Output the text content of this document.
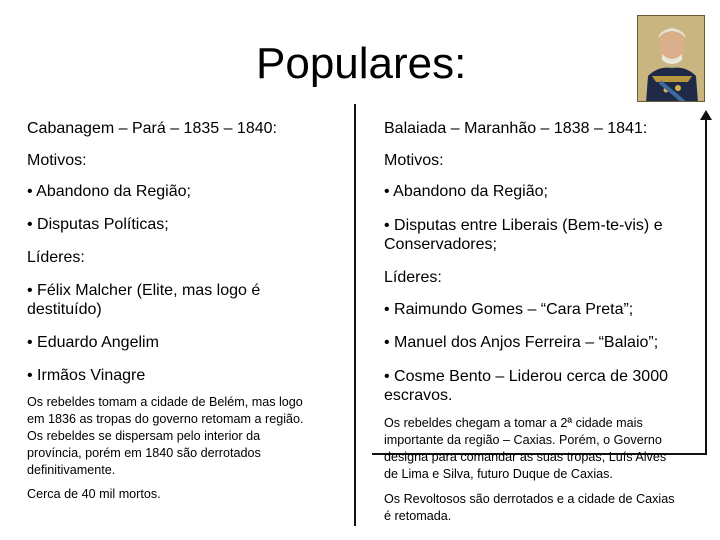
Populares:
Cabanagem – Pará – 1835 – 1840:
Motivos:
• Abandono da Região;
• Disputas Políticas;
Líderes:
• Félix Malcher (Elite, mas logo é
destituído)
• Eduardo Angelim
• Irmãos Vinagre
Os rebeldes tomam a cidade de Belém, mas logo
em 1836 as tropas do governo retomam a região.
Os rebeldes se dispersam pelo interior da
província, porém em 1840 são derrotados
definitivamente.
Cerca de 40 mil mortos.
Balaiada – Maranhão – 1838 – 1841:
Motivos:
• Abandono da Região;
• Disputas entre Liberais (Bem-te-vis) e
Conservadores;
Líderes:
• Raimundo Gomes – “Cara Preta”;
• Manuel dos Anjos Ferreira – “Balaio”;
• Cosme Bento – Liderou cerca de 3000
escravos.
Os rebeldes chegam a tomar a 2ª cidade mais
importante da região – Caxias. Porém, o Governo
designa para comandar as suas tropas, Luís Alves
de Lima e Silva, futuro Duque de Caxias.
Os Revoltosos são derrotados e a cidade de Caxias
é retomada.
